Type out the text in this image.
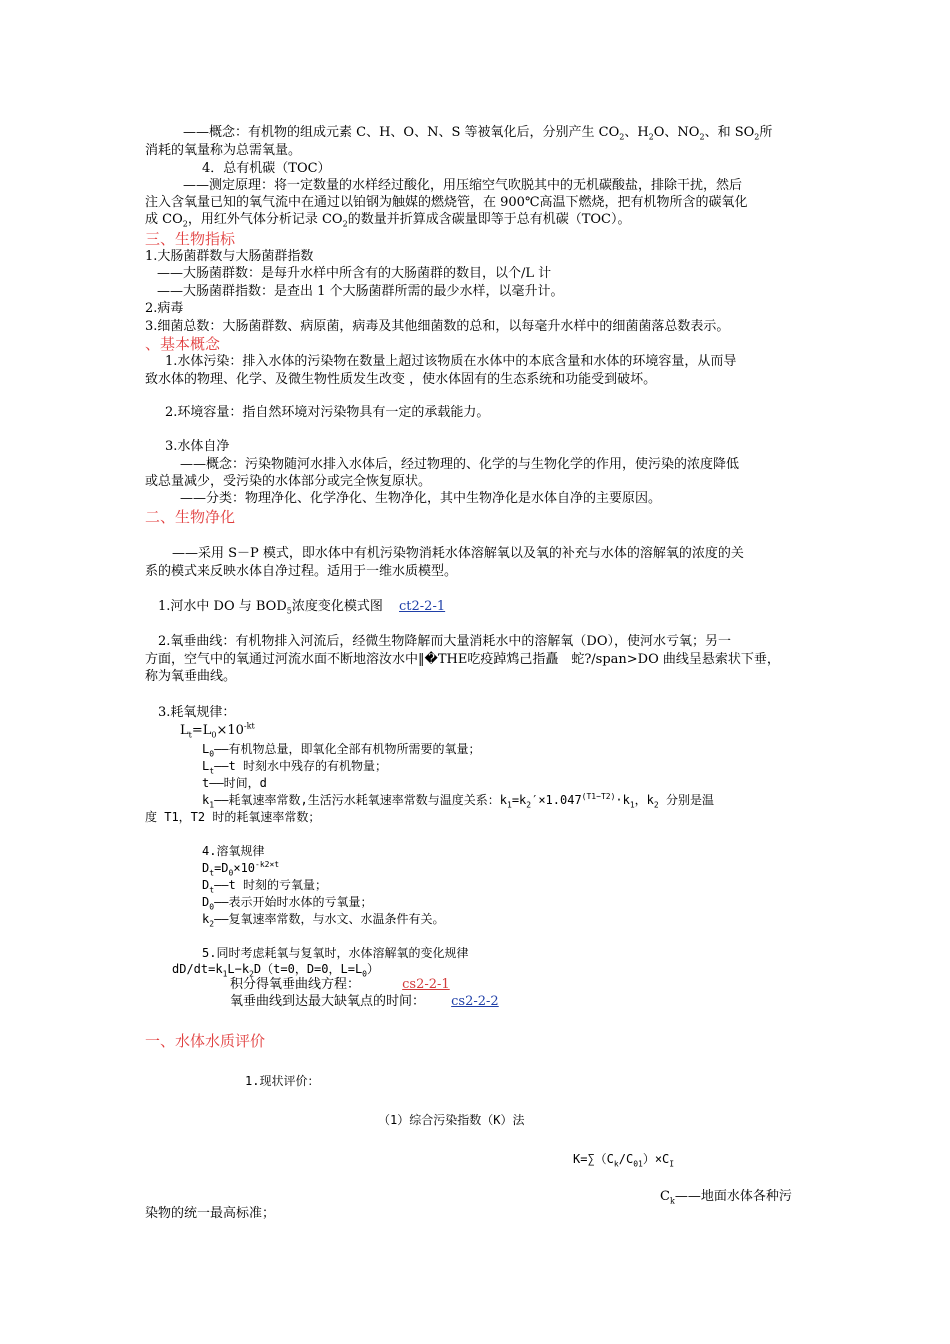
——概念：有机物的组成元素 C、H、O、N、S 等被氧化后，分别产生 $CO_2$、$H_2O$、$NO_2$、和 $SO_2$所
消耗的氧量称为总需氧量。
4．总有机碳（TOC）
——测定原理：将一定数量的水样经过酸化，用压缩空气吹脱其中的无机碳酸盐，排除干扰，然后
注入含氧量已知的氧气流中在通过以铂钢为触媒的燃烧管，在 900℃高温下燃烧，把有机物所含的碳氧化
成 $CO_2$，用红外气体分析记录 $CO_2$的数量并折算成含碳量即等于总有机碳（TOC）。
三、生物指标
1.大肠菌群数与大肠菌群指数
——大肠菌群数：是每升水样中所含有的大肠菌群的数目，以个/L 计
——大肠菌群指数：是查出 1 个大肠菌群所需的最少水样，以毫升计。
2.病毒
3.细菌总数：大肠菌群数、病原菌，病毒及其他细菌数的总和，以每毫升水样中的细菌菌落总数表示。
、基本概念
1.水体污染：排入水体的污染物在数量上超过该物质在水体中的本底含量和水体的环境容量，从而导
致水体的物理、化学、及微生物性质发生改变 ，使水体固有的生态系统和功能受到破坏。
2.环境容量：指自然环境对污染物具有一定的承载能力。
3.水体自净
——概念：污染物随河水排入水体后，经过物理的、化学的与生物化学的作用，使污染的浓度降低
或总量减少，受污染的水体部分或完全恢复原状。
——分类：物理净化、化学净化、生物净化，其中生物净化是水体自净的主要原因。
二、生物净化
——采用 S－P 模式，即水体中有机污染物消耗水体溶解氧以及氧的补充与水体的溶解氧的浓度的关
系的模式来反映水体自净过程。适用于一维水质模型。
1.河水中 DO 与 $BOD_5$浓度变化模式图 ct2-2-1
2.氧垂曲线：有机物排入河流后，经微生物降解而大量消耗水中的溶解氧（DO），使河水亏氧；另一
方面，空气中的氧通过河流水面不断地溶汝水中‖�THE吃疫踔鸩己指矗　蛇?/span>DO 曲线呈悬索状下垂，
称为氧垂曲线。
3.耗氧规律：
$L_t=L_0\times 10^{-kt}$
$L_0——$有机物总量，即氧化全部有机物所需要的氧量；
$L_t——t$ 时刻水中残存的有机物量；
t——时间，d
$k_1——$耗氧速率常数,生活污水耗氧速率常数与温度关系：$k_1=k_2'\times 1.047^{(T1-T2)}\cdot k_1$，$k_2$ 分别是温
度 T1，T2 时的耗氧速率常数；
4.溶氧规律
$D_t=D_0\times 10^{-k2\times t}$
$D_t——t$ 时刻的亏氧量；
$D_0——$表示开始时水体的亏氧量；
$k_2——$复氧速率常数，与水文、水温条件有关。
5.同时考虑耗氧与复氧时，水体溶解氧的变化规律
$dD/dt=k_1L-k_2D(t=0$，D=0，$L=L_0$）
积分得氧垂曲线方程：	cs2-2-1
氧垂曲线到达最大缺氧点的时间： cs2-2-2
一、水体水质评价
1.现状评价：
（1）综合污染指数（K）法
$K=\sum(C_k/C_{01})\times C_I$
$C_k——$地面水体各种污
染物的统一最高标准；
